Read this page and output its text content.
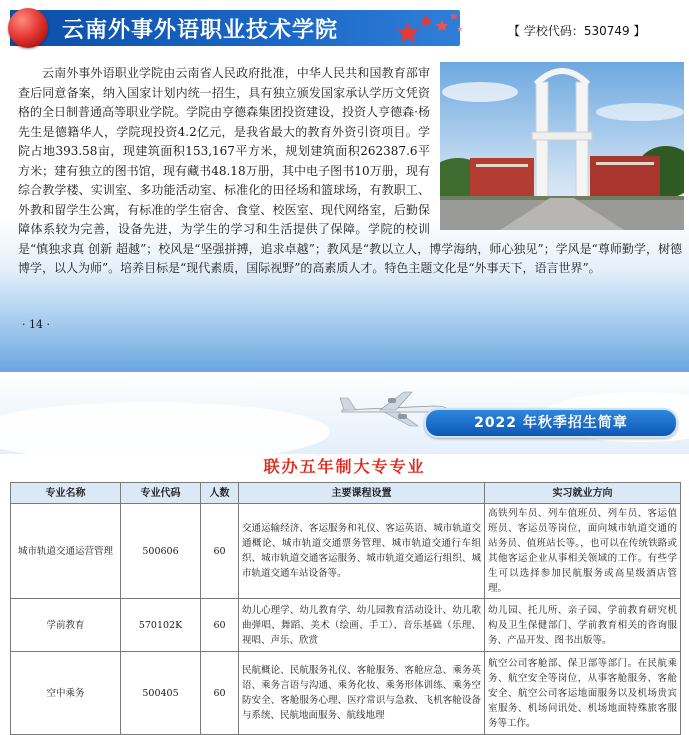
云南外事外语职业技术学院	【 学校代码：530749 】

云南外事外语职业学院由云南省人民政府批准，中华人民共和国教育部审查后同意备案，纳入国家计划内统一招生，具有独立颁发国家承认学历文凭资格的全日制普通高等职业学院。学院由亨德森集团投资建设，投资人亨德森·杨先生是德籍华人，学院现投资4.2亿元，是我省最大的教育外资引资项目。学院占地393.58亩，现建筑面积153,167平方米，规划建筑面积262387.6平方米；建有独立的图书馆，现有藏书48.18万册，其中电子图书10万册，现有综合教学楼、实训室、多功能活动室、标准化的田径场和篮球场，有教职工、外教和留学生公寓，有标准的学生宿舍、食堂、校医室、现代网络室，后勤保障体系较为完善，设备先进，为学生的学习和生活提供了保障。学院的校训是“慎独求真 创新 超越”；校风是“坚强拼搏，追求卓越”；教风是“教以立人，博学海纳，师心独见”；学风是“尊师勤学，树德博学，以人为师”。培养目标是“现代素质，国际视野”的高素质人才。特色主题文化是“外事天下，语言世界”。

· 14 ·
2022 年秋季招生简章
联办五年制大专专业
专业名称	专业代码	人数	主要课程设置	实习就业方向
城市轨道交通运营管理	500606	60	交通运输经济、客运服务和礼仪、客运英语、城市轨道交通概论、城市轨道交通票务管理、城市轨道交通行车组织、城市轨道交通客运服务、城市轨道交通运行组织、城市轨道交通车站设备等。	高铁列车员、列车值班员、列车员、客运值班员、客运员等岗位，面向城市轨道交通的站务员、值班站长等。，也可以在传统铁路或其他客运企业从事相关领域的工作。有些学生可以选择参加民航服务或高星级酒店管理。
学前教育	570102K	60	幼儿心理学、幼儿教育学、幼儿园教育活动设计、幼儿歌曲弹唱、舞蹈、美术（绘画、手工）、音乐基础（乐理、视唱、声乐、欣赏	幼儿园、托儿所、亲子园、学前教育研究机构及卫生保健部门、学前教育相关的咨询服务、产品开发、图书出版等。
空中乘务	500405	60	民航概论、民航服务礼仪、客舱服务、客舱应急、乘务英语、乘务言语与沟通、乘务化妆、乘务形体训练、乘务空防安全、客舱服务心理、医疗常识与急救、飞机客舱设备与系统、民航地面服务、航线地理	航空公司客舱部、保卫部等部门。在民航乘务、航空安全等岗位，从事客舱服务、客舱安全、航空公司客运地面服务以及机场贵宾室服务、机场问讯处、机场地面特殊旅客服务等工作。
